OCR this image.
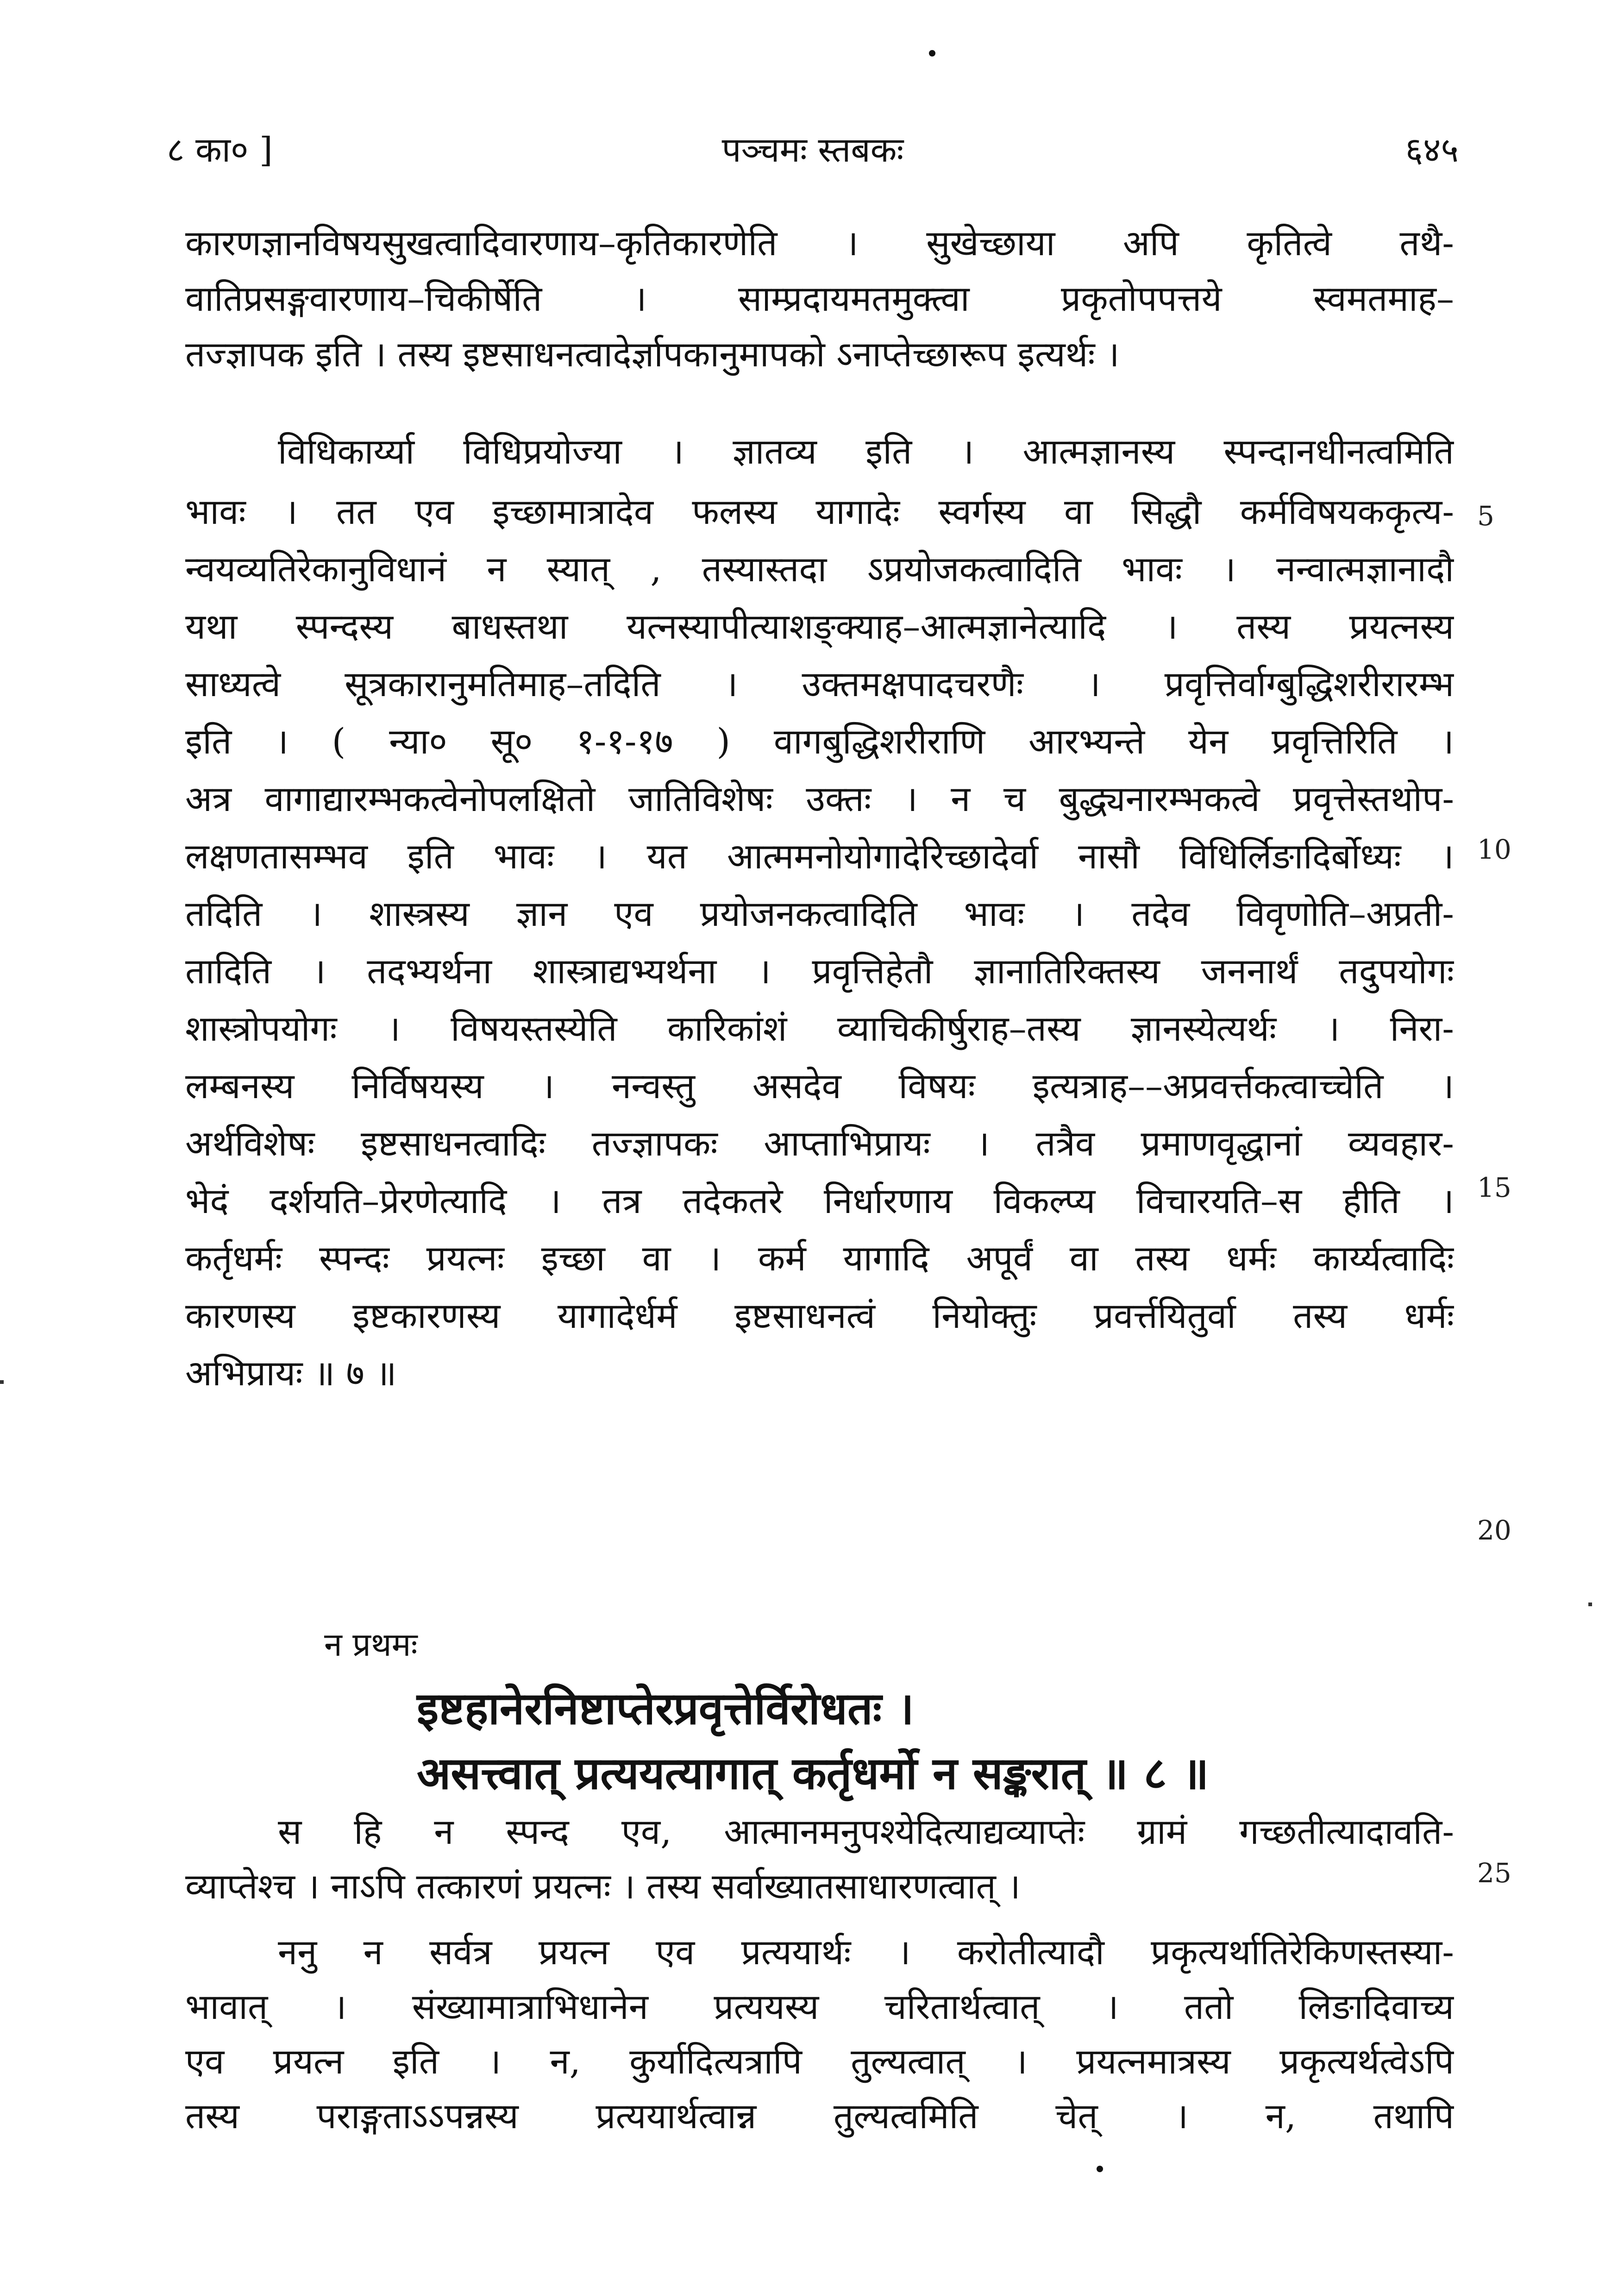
८ का० ]	पञ्चमः स्तबकः	६४५
कारणज्ञानविषयसुखत्वादिवारणाय–कृतिकारणेति । सुखेच्छाया अपि कृतित्वे तथै-
वातिप्रसङ्गवारणाय–चिकीर्षेति । साम्प्रदायमतमुक्त्वा प्रकृतोपपत्तये स्वमतमाह–
तज्ज्ञापक इति । तस्य इष्टसाधनत्वादेर्ज्ञापकानुमापको ऽनाप्तेच्छारूप इत्यर्थः ।
विधिकार्य्या विधिप्रयोज्या । ज्ञातव्य इति । आत्मज्ञानस्य स्पन्दानधीनत्वमिति
भावः । तत एव इच्छामात्रादेव फलस्य यागादेः स्वर्गस्य वा सिद्धौ कर्मविषयककृत्य-
न्वयव्यतिरेकानुविधानं न स्यात् , तस्यास्तदा ऽप्रयोजकत्वादिति भावः । नन्वात्मज्ञानादौ
यथा स्पन्दस्य बाधस्तथा यत्नस्यापीत्याशङ्क्याह–आत्मज्ञानेत्यादि । तस्य प्रयत्नस्य
साध्यत्वे सूत्रकारानुमतिमाह–तदिति । उक्तमक्षपादचरणैः । प्रवृत्तिर्वाग्बुद्धिशरीरारम्भ
इति । ( न्या० सू० १-१-१७ ) वागबुद्धिशरीराणि आरभ्यन्ते येन प्रवृत्तिरिति ।
अत्र वागाद्यारम्भकत्वेनोपलक्षितो जातिविशेषः उक्तः । न च बुद्ध्यनारम्भकत्वे प्रवृत्तेस्तथोप-
लक्षणतासम्भव इति भावः । यत आत्ममनोयोगादेरिच्छादेर्वा नासौ विधिर्लिङादिर्बोध्यः ।
तदिति । शास्त्रस्य ज्ञान एव प्रयोजनकत्वादिति भावः । तदेव विवृणोति–अप्रती-
तादिति । तदभ्यर्थना शास्त्राद्यभ्यर्थना । प्रवृत्तिहेतौ ज्ञानातिरिक्तस्य जननार्थं तदुपयोगः
शास्त्रोपयोगः । विषयस्तस्येति कारिकांशं व्याचिकीर्षुराह–तस्य ज्ञानस्येत्यर्थः । निरा-
लम्बनस्य निर्विषयस्य । नन्वस्तु असदेव विषयः इत्यत्राह––अप्रवर्त्तकत्वाच्चेति ।
अर्थविशेषः इष्टसाधनत्वादिः तज्ज्ञापकः आप्ताभिप्रायः । तत्रैव प्रमाणवृद्धानां व्यवहार-
भेदं दर्शयति–प्रेरणेत्यादि । तत्र तदेकतरे निर्धारणाय विकल्प्य विचारयति–स हीति ।
कर्तृधर्मः स्पन्दः प्रयत्नः इच्छा वा । कर्म यागादि अपूर्वं वा तस्य धर्मः कार्य्यत्वादिः
कारणस्य इष्टकारणस्य यागादेर्धर्म इष्टसाधनत्वं नियोक्तुः प्रवर्त्तयितुर्वा तस्य धर्मः
अभिप्रायः ॥ ७ ॥
5
10
15
20
25
न प्रथमः
इष्टहानेरनिष्टाप्तेरप्रवृत्तेर्विरोधतः ।
असत्त्वात् प्रत्ययत्यागात् कर्तृधर्मो न सङ्करात् ॥ ८ ॥
स हि न स्पन्द एव, आत्मानमनुपश्येदित्याद्यव्याप्तेः ग्रामं गच्छतीत्यादावति-
व्याप्तेश्च । नाऽपि तत्कारणं प्रयत्नः । तस्य सर्वाख्यातसाधारणत्वात् ।
ननु न सर्वत्र प्रयत्न एव प्रत्ययार्थः । करोतीत्यादौ प्रकृत्यर्थातिरेकिणस्तस्या-
भावात् । संख्यामात्राभिधानेन प्रत्ययस्य चरितार्थत्वात् । ततो लिङादिवाच्य
एव प्रयत्न इति । न, कुर्यादित्यत्रापि तुल्यत्वात् । प्रयत्नमात्रस्य प्रकृत्यर्थत्वेऽपि
तस्य पराङ्गताऽऽपन्नस्य प्रत्ययार्थत्वान्न तुल्यत्वमिति चेत् । न, तथापि
